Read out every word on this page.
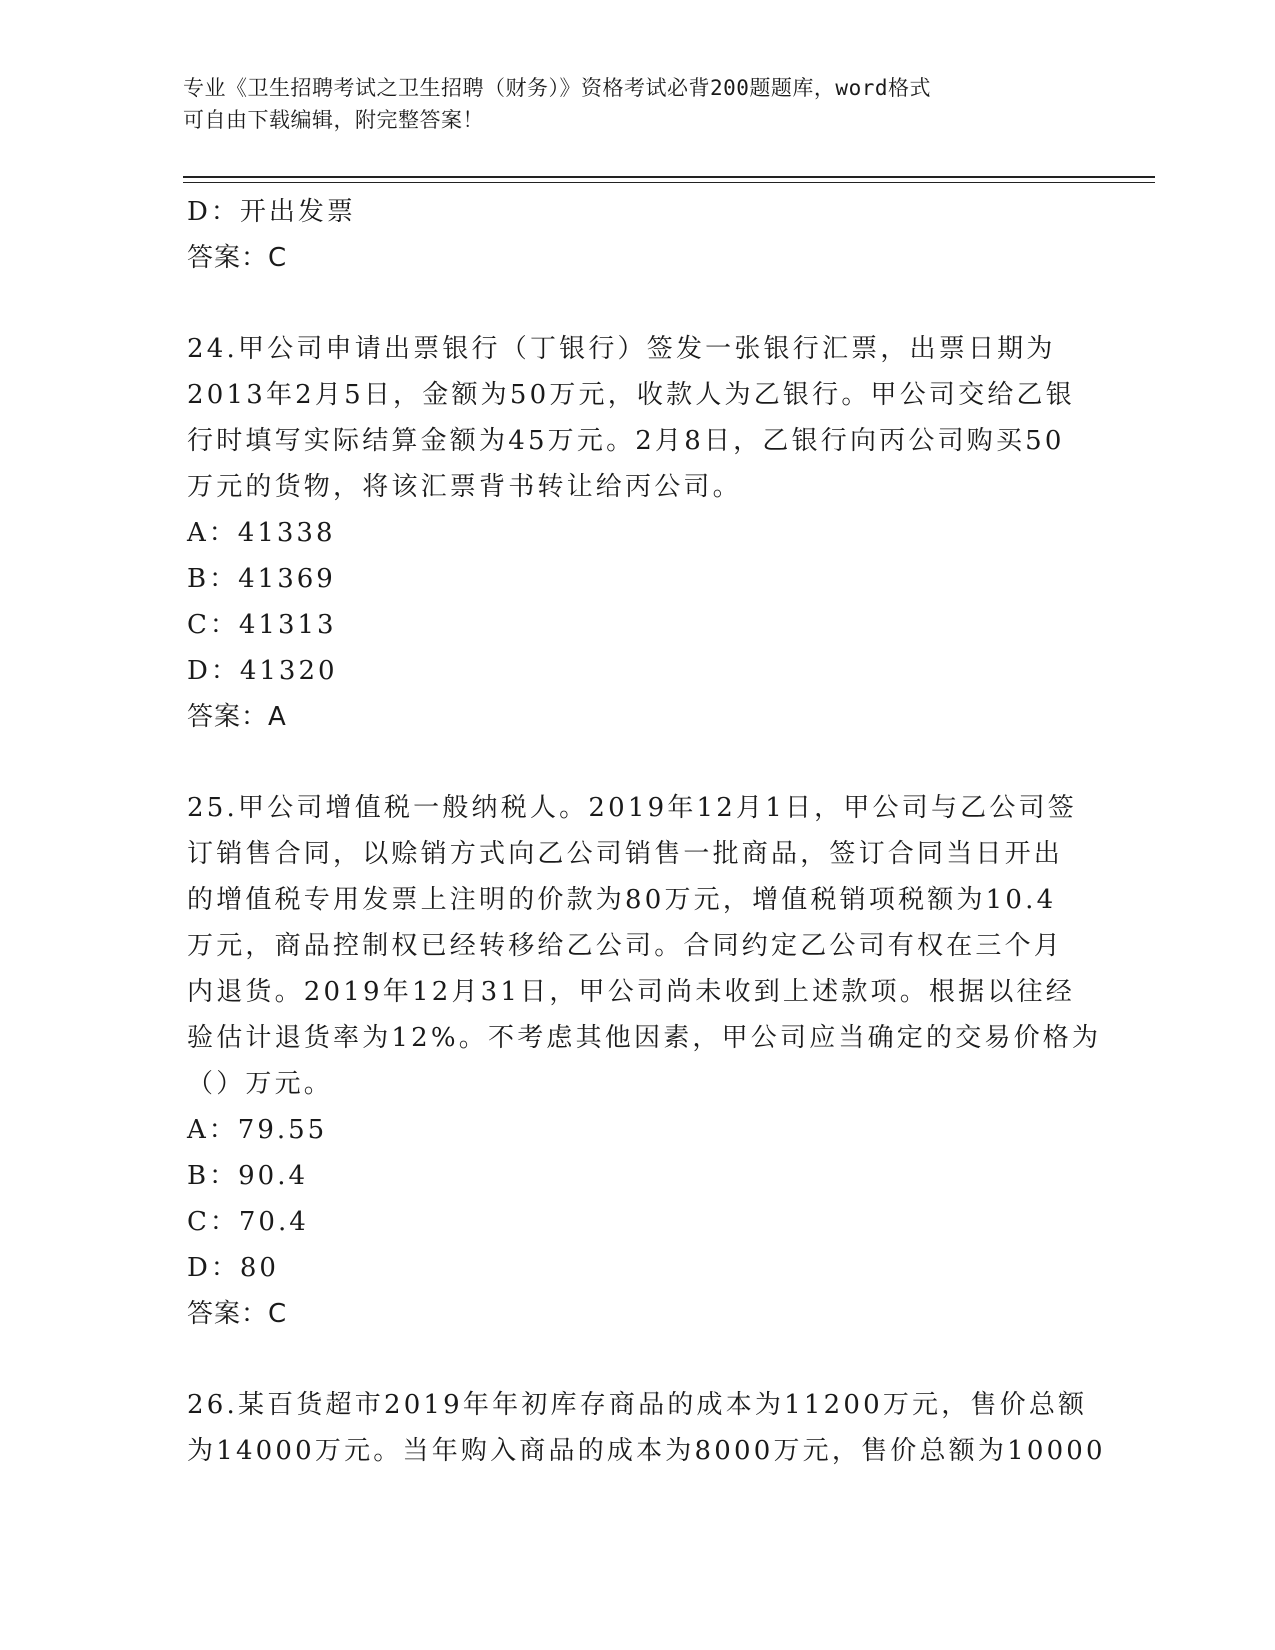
专业《卫生招聘考试之卫生招聘（财务）》资格考试必背200题题库，word格式
可自由下载编辑，附完整答案！
D：开出发票
答案：C
24.甲公司申请出票银行（丁银行）签发一张银行汇票，出票日期为
2013年2月5日，金额为50万元，收款人为乙银行。甲公司交给乙银
行时填写实际结算金额为45万元。2月8日，乙银行向丙公司购买50
万元的货物，将该汇票背书转让给丙公司。
A：41338
B：41369
C：41313
D：41320
答案：A
25.甲公司增值税一般纳税人。2019年12月1日，甲公司与乙公司签
订销售合同，以赊销方式向乙公司销售一批商品，签订合同当日开出
的增值税专用发票上注明的价款为80万元，增值税销项税额为10.4
万元，商品控制权已经转移给乙公司。合同约定乙公司有权在三个月
内退货。2019年12月31日，甲公司尚未收到上述款项。根据以往经
验估计退货率为12%。不考虑其他因素，甲公司应当确定的交易价格为
（）万元。
A：79.55
B：90.4
C：70.4
D：80
答案：C
26.某百货超市2019年年初库存商品的成本为11200万元，售价总额
为14000万元。当年购入商品的成本为8000万元，售价总额为10000
